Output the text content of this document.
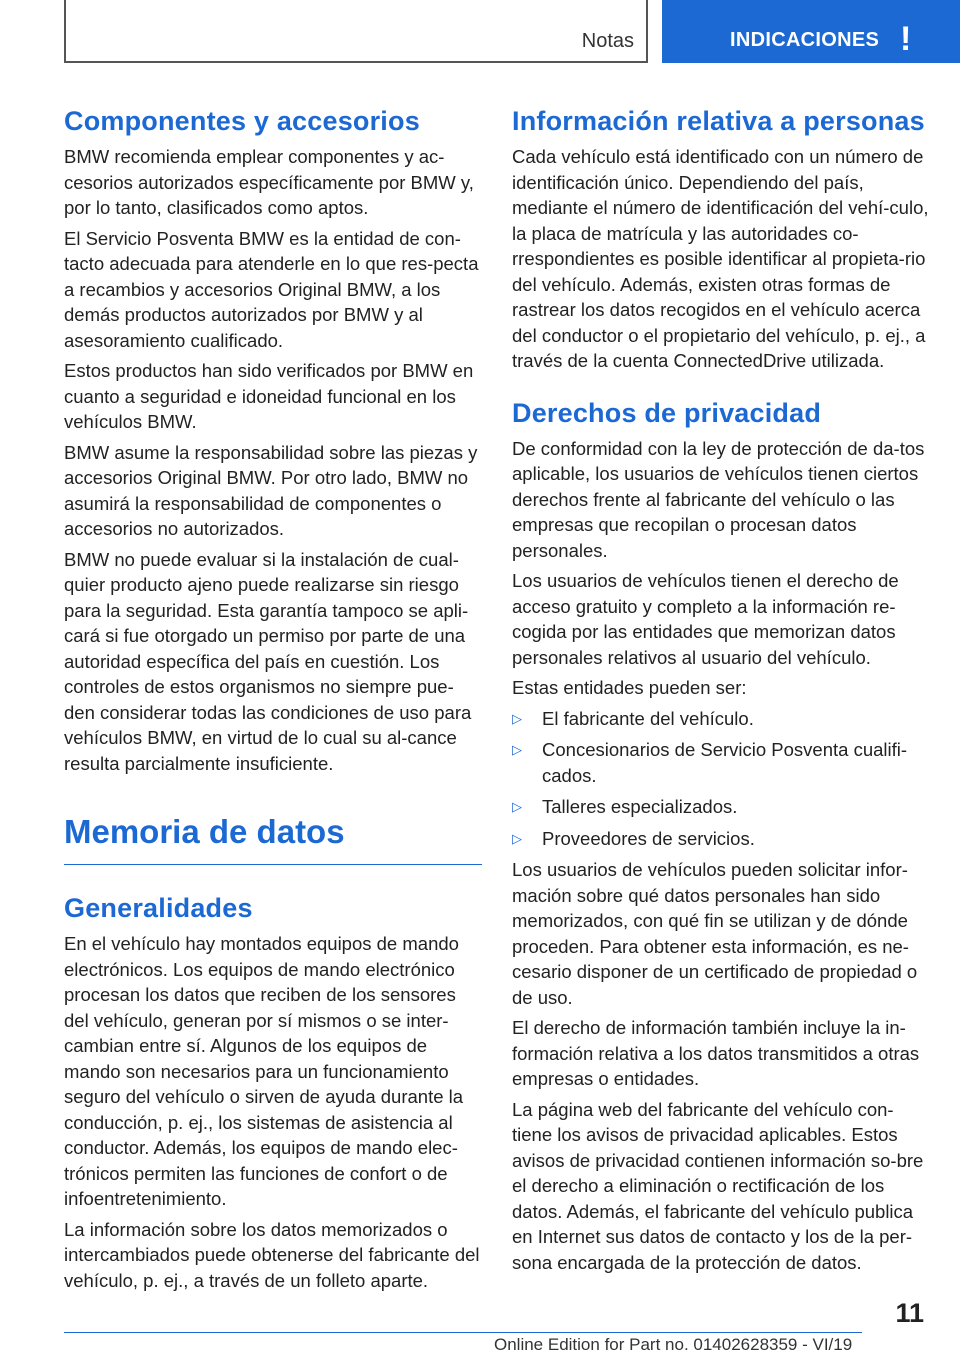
Notas	INDICACIONES !
Componentes y accesorios

BMW recomienda emplear componentes y ac-cesorios autorizados específicamente por BMW y, por lo tanto, clasificados como aptos.

El Servicio Posventa BMW es la entidad de con-tacto adecuada para atenderle en lo que res-pecta a recambios y accesorios Original BMW, a los demás productos autorizados por BMW y al asesoramiento cualificado.

Estos productos han sido verificados por BMW en cuanto a seguridad e idoneidad funcional en los vehículos BMW.

BMW asume la responsabilidad sobre las piezas y accesorios Original BMW. Por otro lado, BMW no asumirá la responsabilidad de componentes o accesorios no autorizados.

BMW no puede evaluar si la instalación de cual-quier producto ajeno puede realizarse sin riesgo para la seguridad. Esta garantía tampoco se apli-cará si fue otorgado un permiso por parte de una autoridad específica del país en cuestión. Los controles de estos organismos no siempre pue-den considerar todas las condiciones de uso para vehículos BMW, en virtud de lo cual su al-cance resulta parcialmente insuficiente.

Memoria de datos
Generalidades

En el vehículo hay montados equipos de mando electrónicos. Los equipos de mando electrónico procesan los datos que reciben de los sensores del vehículo, generan por sí mismos o se inter-cambian entre sí. Algunos de los equipos de mando son necesarios para un funcionamiento seguro del vehículo o sirven de ayuda durante la conducción, p. ej., los sistemas de asistencia al conductor. Además, los equipos de mando elec-trónicos permiten las funciones de confort o de infoentretenimiento.

La información sobre los datos memorizados o intercambiados puede obtenerse del fabricante del vehículo, p. ej., a través de un folleto aparte.

Información relativa a personas

Cada vehículo está identificado con un número de identificación único. Dependiendo del país, mediante el número de identificación del vehí-culo, la placa de matrícula y las autoridades co-rrespondientes es posible identificar al propieta-rio del vehículo. Además, existen otras formas de rastrear los datos recogidos en el vehículo acerca del conductor o el propietario del vehículo, p. ej., a través de la cuenta ConnectedDrive utilizada.

Derechos de privacidad

De conformidad con la ley de protección de da-tos aplicable, los usuarios de vehículos tienen ciertos derechos frente al fabricante del vehículo o las empresas que recopilan o procesan datos personales.

Los usuarios de vehículos tienen el derecho de acceso gratuito y completo a la información re-cogida por las entidades que memorizan datos personales relativos al usuario del vehículo.

Estas entidades pueden ser:

▷ El fabricante del vehículo.
▷ Concesionarios de Servicio Posventa cualifi-cados.
▷ Talleres especializados.
▷ Proveedores de servicios.

Los usuarios de vehículos pueden solicitar infor-mación sobre qué datos personales han sido memorizados, con qué fin se utilizan y de dónde proceden. Para obtener esta información, es ne-cesario disponer de un certificado de propiedad o de uso.

El derecho de información también incluye la in-formación relativa a los datos transmitidos a otras empresas o entidades.

La página web del fabricante del vehículo con-tiene los avisos de privacidad aplicables. Estos avisos de privacidad contienen información so-bre el derecho a eliminación o rectificación de los datos. Además, el fabricante del vehículo publica en Internet sus datos de contacto y los de la per-sona encargada de la protección de datos.

11
Online Edition for Part no. 01402628359 - VI/19
